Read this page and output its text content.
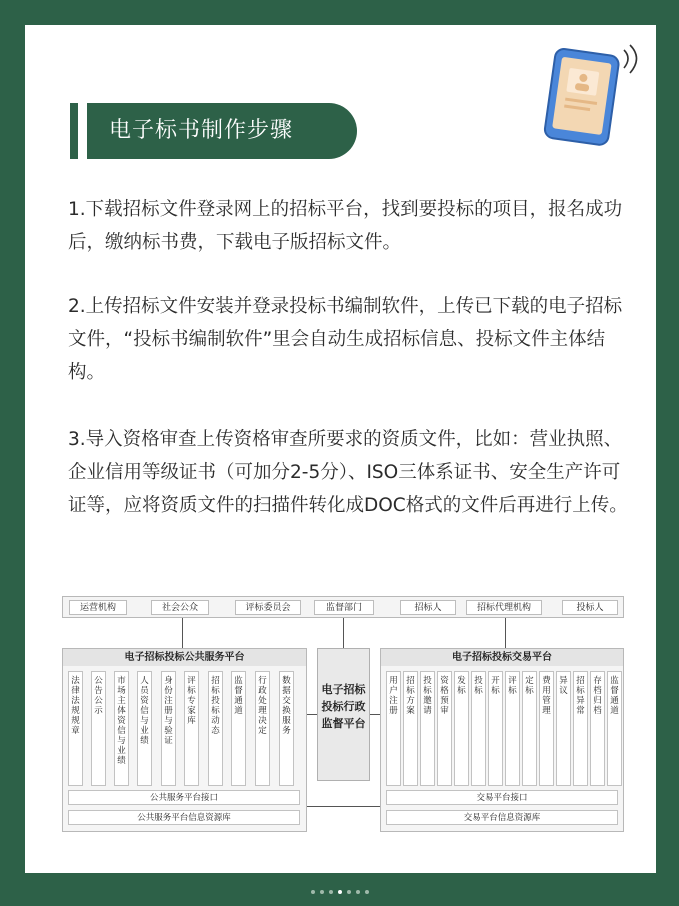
电子标书制作步骤

1.下载招标文件登录网上的招标平台，找到要投标的项目，报名成功后，缴纳标书费，下载电子版招标文件。

2.上传招标文件安装并登录投标书编制软件，上传已下载的电子招标文件，“投标书编制软件”里会自动生成招标信息、投标文件主体结构。

3.导入资格审查上传资格审查所要求的资质文件，比如：营业执照、企业信用等级证书（可加分2-5分）、ISO三体系证书、安全生产许可证等，应将资质文件的扫描件转化成DOC格式的文件后再进行上传。

运营机构	社会公众	评标委员会	监督部门	招标人	招标代理机构	投标人
电子招标投标公共服务平台
法律法规规章
公告公示
市场主体资信与业绩
人员资信与业绩
身份注册与验证
评标专家库
招标投标动态
监督通道
行政处理决定
数据交换服务
公共服务平台接口
公共服务平台信息资源库
电子招标投标行政监督平台
电子招标投标交易平台
用户注册
招标方案
投标邀请
资格预审
发标
投标
开标
评标
定标
费用管理
异议
招标异常
存档归档
监督通道
交易平台接口
交易平台信息资源库
